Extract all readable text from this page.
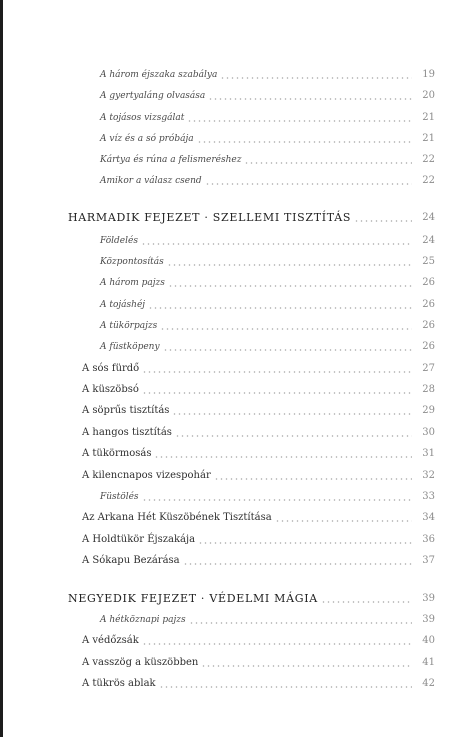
A három éjszaka szabálya	19
A gyertyaláng olvasása	20
A tojásos vizsgálat	21
A víz és a só próbája	21
Kártya és rúna a felismeréshez	22
Amikor a válasz csend	22
HARMADIK FEJEZET · SZELLEMI TISZTÍTÁS	24
Földelés	24
Központosítás	25
A három pajzs	26
A tojáshéj	26
A tükörpajzs	26
A füstköpeny	26
A sós fürdő	27
A küszöbsó	28
A söprűs tisztítás	29
A hangos tisztítás	30
A tükörmosás	31
A kilencnapos vizespohár	32
Füstölés	33
Az Arkana Hét Küszöbének Tisztítása	34
A Holdtükör Éjszakája	36
A Sókapu Bezárása	37
NEGYEDIK FEJEZET · VÉDELMI MÁGIA	39
A hétköznapi pajzs	39
A védőzsák	40
A vasszög a küszöbben	41
A tükrös ablak	42
